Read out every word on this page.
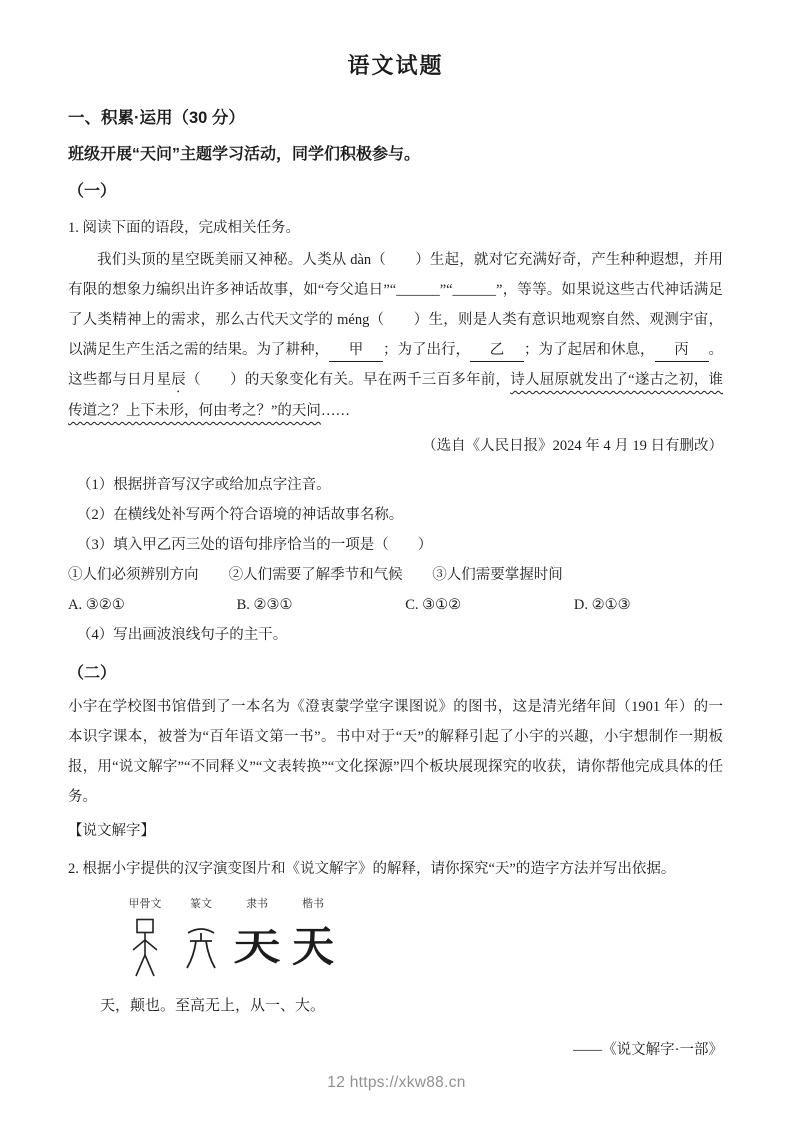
语文试题
一、积累·运用（30 分）
班级开展“天问”主题学习活动，同学们积极参与。
（一）
1. 阅读下面的语段，完成相关任务。
我们头顶的星空既美丽又神秘。人类从 dàn（　　）生起，就对它充满好奇，产生种种遐想，并用有限的想象力编织出许多神话故事，如“夸父追日”“______”“______”，等等。如果说这些古代神话满足了人类精神上的需求，那么古代天文学的 méng（　　）生，则是人类有意识地观察自然、观测宇宙，以满足生产生活之需的结果。为了耕种， 甲 ；为了出行， 乙 ；为了起居和休息， 丙 。这些都与日月星辰（　　）的天象变化有关。早在两千三百多年前，诗人屈原就发出了“遂古之初，谁传道之？上下未形，何由考之？”的天问……
（选自《人民日报》2024 年 4 月 19 日有删改）
（1）根据拼音写汉字或给加点字注音。
（2）在横线处补写两个符合语境的神话故事名称。
（3）填入甲乙丙三处的语句排序恰当的一项是（　　）
①人们必须辨别方向 ②人们需要了解季节和气候 ③人们需要掌握时间
A. ③②①	B. ②③①	C. ③①②	D. ②①③
（4）写出画波浪线句子的主干。
（二）
小宇在学校图书馆借到了一本名为《澄衷蒙学堂字课图说》的图书，这是清光绪年间（1901 年）的一本识字课本，被誉为“百年语文第一书”。书中对于“天”的解释引起了小宇的兴趣，小宇想制作一期板报，用“说文解字”“不同释义”“文表转换”“文化探源”四个板块展现探究的收获，请你帮他完成具体的任务。
【说文解字】
2. 根据小宇提供的汉字演变图片和《说文解字》的解释，请你探究“天”的造字方法并写出依据。
甲骨文	篆文	隶书
天
楷书
天
天，颠也。至高无上，从一、大。
——《说文解字·一部》
12 https://xkw88.cn
